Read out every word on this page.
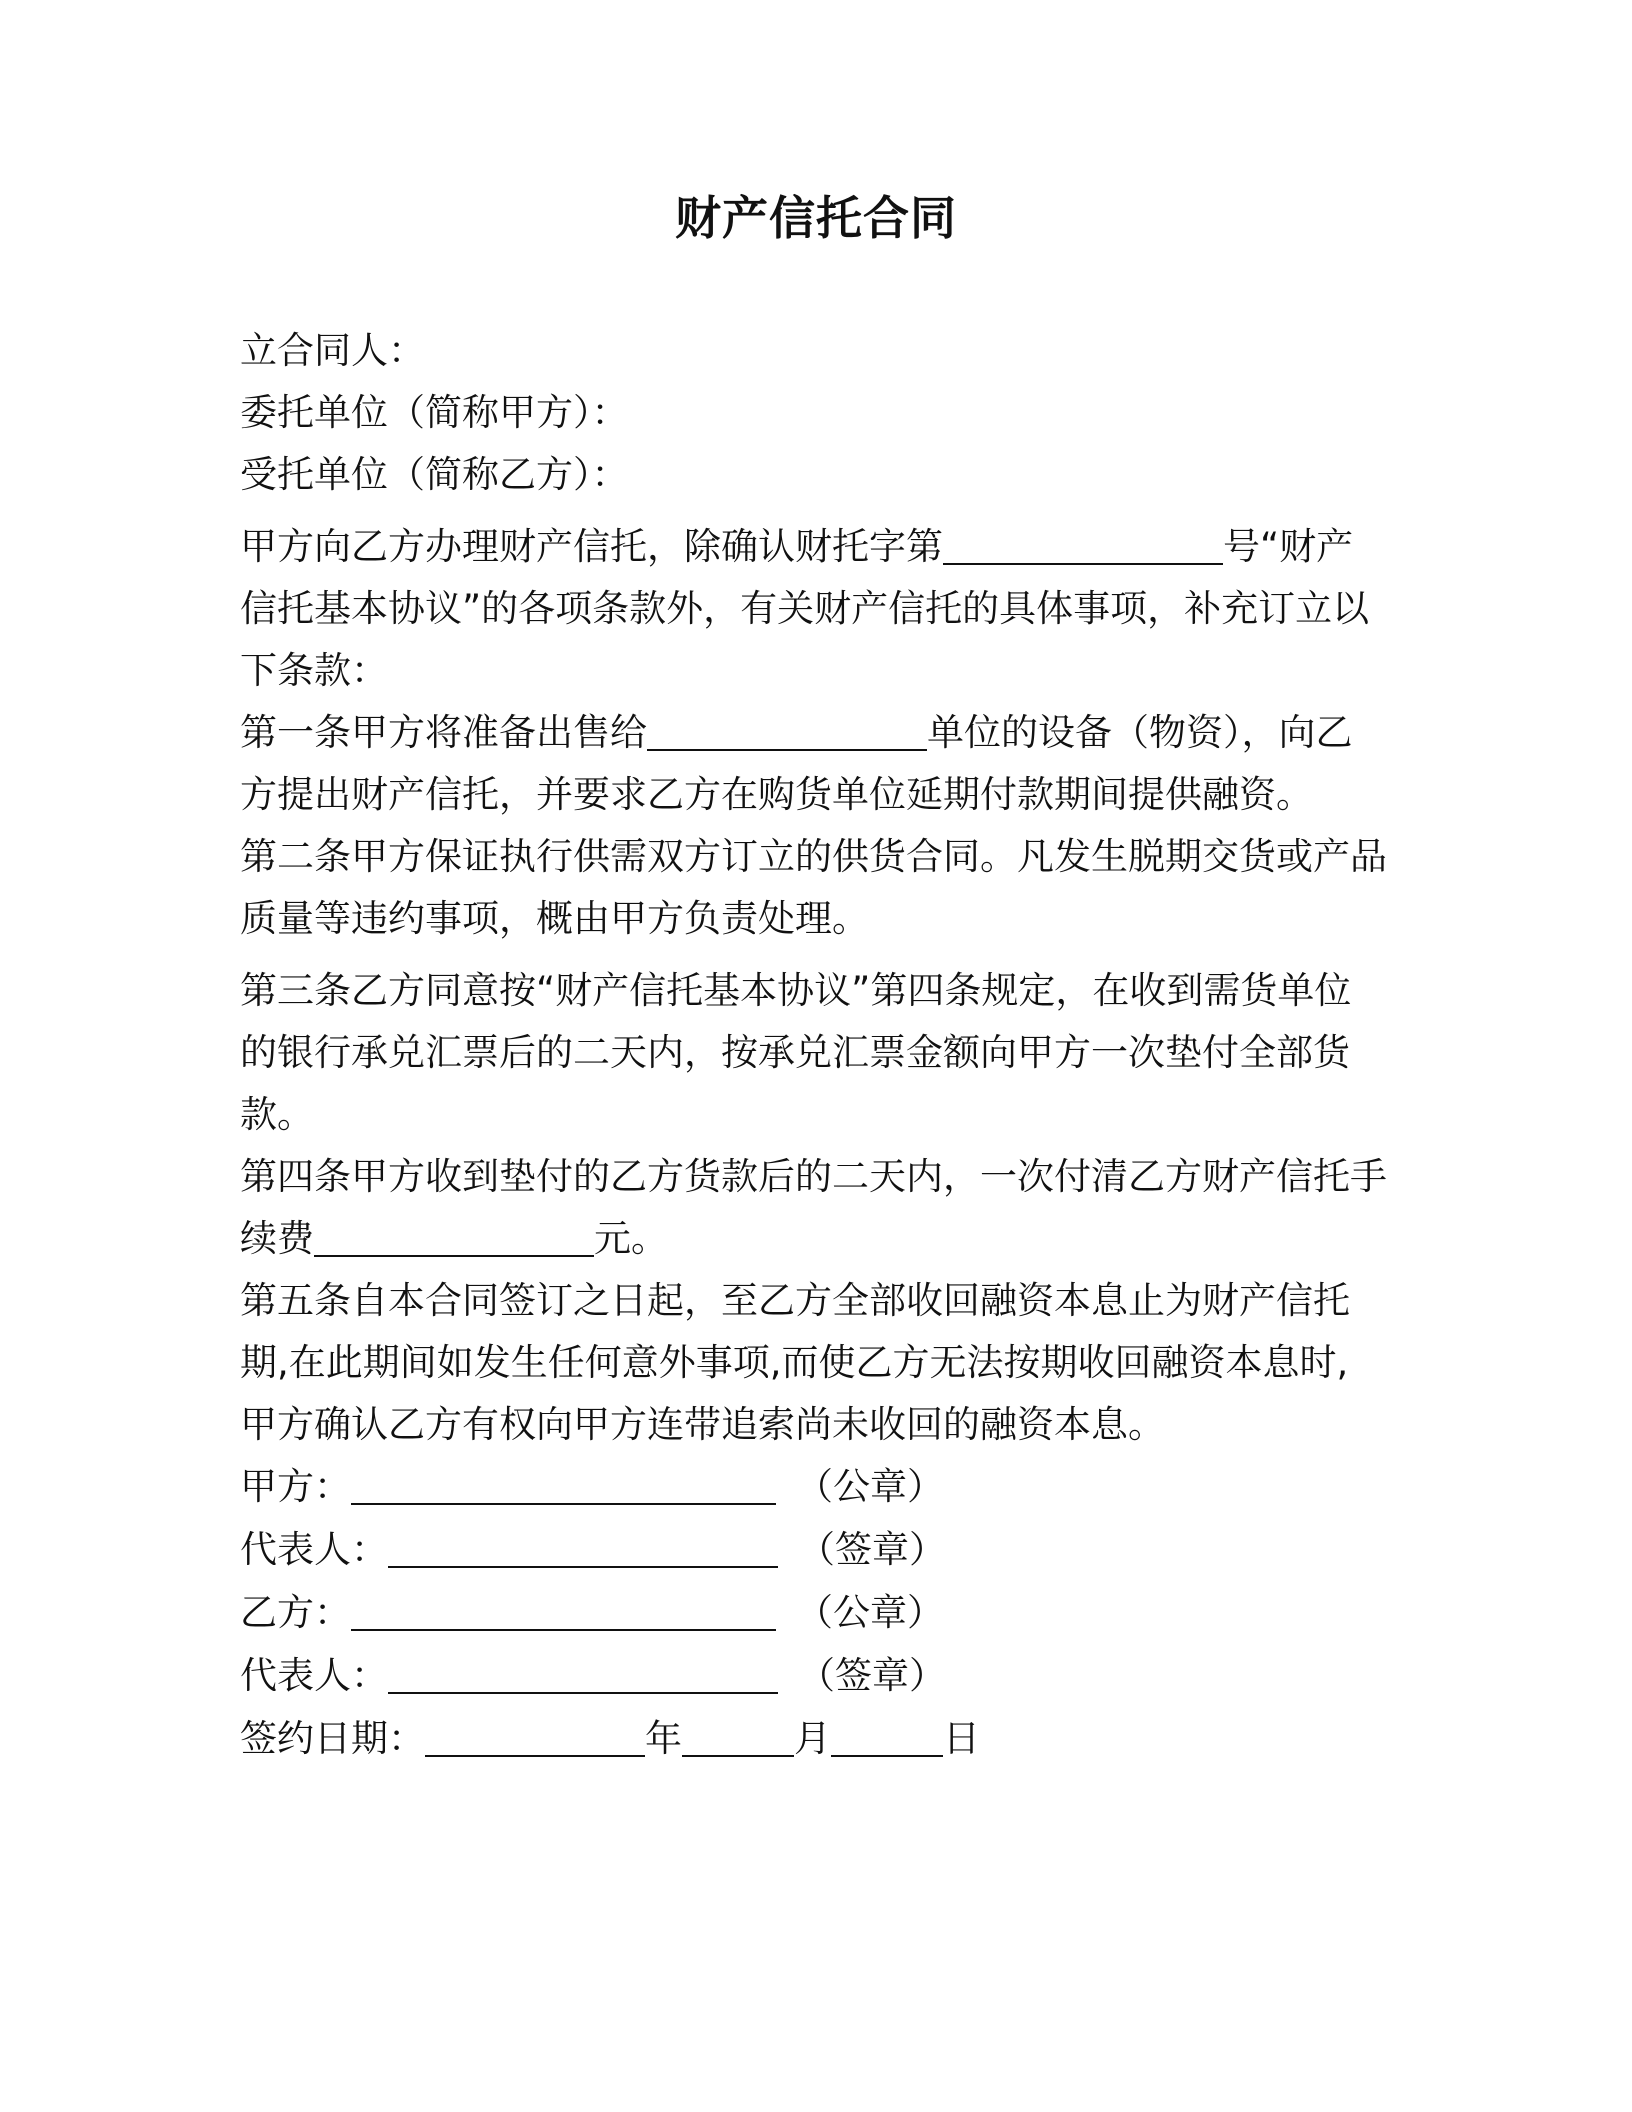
财产信托合同
立合同人：
委托单位（简称甲方）：
受托单位（简称乙方）：
甲方向乙方办理财产信托，除确认财托字第	号“财产
信托基本协议”的各项条款外，有关财产信托的具体事项，补充订立以
下条款：
第一条甲方将准备出售给	单位的设备（物资），向乙
方提出财产信托，并要求乙方在购货单位延期付款期间提供融资。
第二条甲方保证执行供需双方订立的供货合同。凡发生脱期交货或产品
质量等违约事项，概由甲方负责处理。
第三条乙方同意按“财产信托基本协议”第四条规定，在收到需货单位
的银行承兑汇票后的二天内，按承兑汇票金额向甲方一次垫付全部货
款。
第四条甲方收到垫付的乙方货款后的二天内，一次付清乙方财产信托手
续费	元。
第五条自本合同签订之日起，至乙方全部收回融资本息止为财产信托
期,在此期间如发生任何意外事项,而使乙方无法按期收回融资本息时,
甲方确认乙方有权向甲方连带追索尚未收回的融资本息。
甲方：	（公章）
代表人：	（签章）
乙方：	（公章）
代表人：	（签章）
签约日期：	年	月	日
